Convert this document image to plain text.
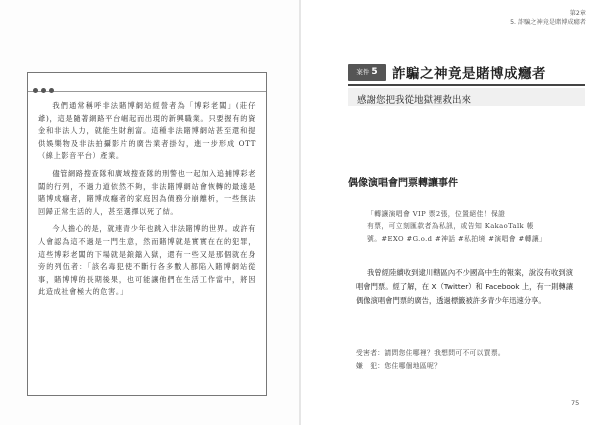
我們通常稱呼非法賭博網站經營者為「博彩老闆」(莊仔爺)，這是隨著網路平台崛起而出現的新興職業。只要握有的資金和非法人力，就能生財創富。這種非法賭博網站甚至還和提供娛樂物及非法拍攝影片的廣告業者掛勾，進一步形成 OTT（線上影音平台）產業。

儘管網路搜查隊和廣域搜查隊的刑警也一起加入追捕博彩老闆的行列，不過力道依然不夠，非法賭博網站會恢轉的最遠是賭博成癮者，賭博成癮者的家庭因為債務分崩離析，一些無法回歸正常生活的人，甚至選擇以死了結。

今人擔心的是，就連青少年也跳入非法賭博的世界。或許有人會認為這不過是一門生意，然而賭博就是實實在在的犯罪，這些博彩老闆的下場就是鋃鐺入獄，還有一些又是那個就在身旁的列伍者：「該名毒犯使不斷行各多數人都陷入賭博網站從事，賭博博的長期後果，也可能讓他們在生活工作當中，將因此造成社會極大的危害。」

第2章
5. 詐騙之神竟是賭博成癮者
案件 5	詐騙之神竟是賭博成癮者
感謝您把我從地獄裡救出來
偶像演唱會門票轉讓事件
「轉讓演唱會 VIP 票2張，位置絕佳！保證
有票，可立刻匯款者為私訊，或告知 KakaoTalk 帳
號。#EXO #G.o.d #神話 #私拍境 #演唱會 #轉讓」

我曾經陸續收到逮川轄區內不少國高中生的報案，說沒有收到演唱會門票。經了解，在 X（Twitter）和 Facebook 上，有一則轉讓偶像演唱會門票的廣告，透過標籤被許多青少年迅速分享。

受害者：請問您住哪裡？我想問可不可以買票。
嫌　犯：您住哪個地區呢？
75
